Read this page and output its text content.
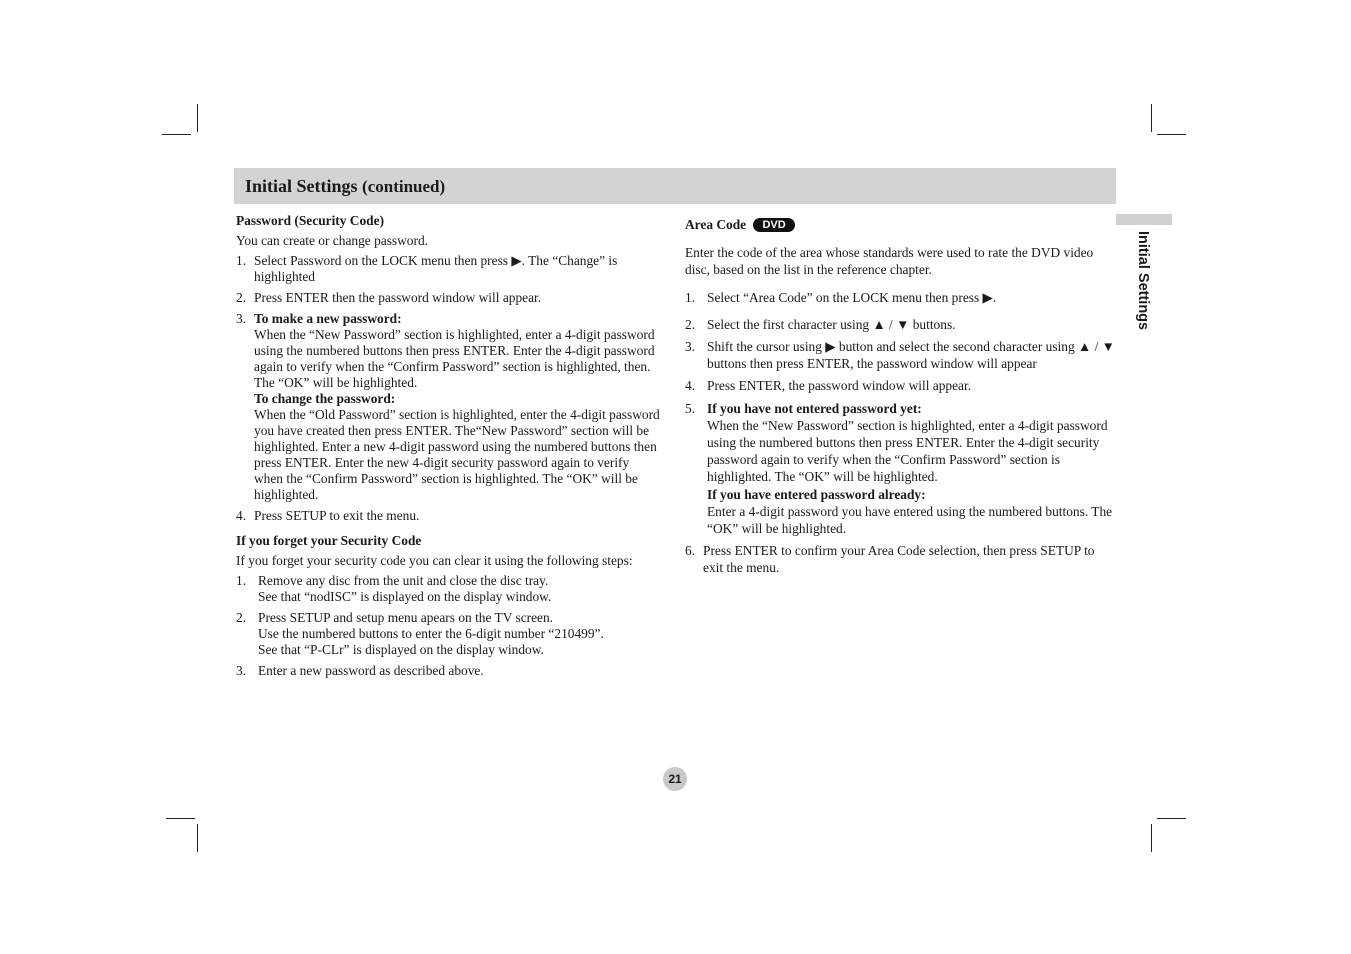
Initial Settings (continued)
Initial Settings

Password (Security Code)

You can create or change password.

1. Select Password on the LOCK menu then press ▶. The “Change” is highlighted
2. Press ENTER then the password window will appear.
3. To make a new password:
When the “New Password” section is highlighted, enter a 4-digit password using the numbered buttons then press ENTER. Enter the 4-digit password again to verify when the “Confirm Password” section is highlighted, then. The “OK” will be highlighted.
To change the password:
When the “Old Password” section is highlighted, enter the 4-digit password you have created then press ENTER. The“New Password” section will be highlighted. Enter a new 4-digit password using the numbered buttons then press ENTER. Enter the new 4-digit security password again to verify when the “Confirm Password” section is highlighted. The “OK” will be highlighted.
4. Press SETUP to exit the menu.

If you forget your Security Code

If you forget your security code you can clear it using the following steps:

1. Remove any disc from the unit and close the disc tray.
See that “nodISC” is displayed on the display window.
2. Press SETUP and setup menu apears on the TV screen.
Use the numbered buttons to enter the 6-digit number “210499”.
See that “P-CLr” is displayed on the display window.
3. Enter a new password as described above.

Area Code DVD

Enter the code of the area whose standards were used to rate the DVD video disc, based on the list in the reference chapter.

1. Select “Area Code” on the LOCK menu then press ▶.
2. Select the first character using ▲ / ▼ buttons.
3. Shift the cursor using ▶ button and select the second character using ▲ / ▼ buttons then press ENTER, the password window will appear
4. Press ENTER, the password window will appear.
5. If you have not entered password yet:
When the “New Password” section is highlighted, enter a 4-digit password using the numbered buttons then press ENTER. Enter the 4-digit security password again to verify when the “Confirm Password” section is highlighted. The “OK” will be highlighted.
If you have entered password already:
Enter a 4-digit password you have entered using the numbered buttons. The “OK” will be highlighted.
6. Press ENTER to confirm your Area Code selection, then press SETUP to exit the menu.
21
